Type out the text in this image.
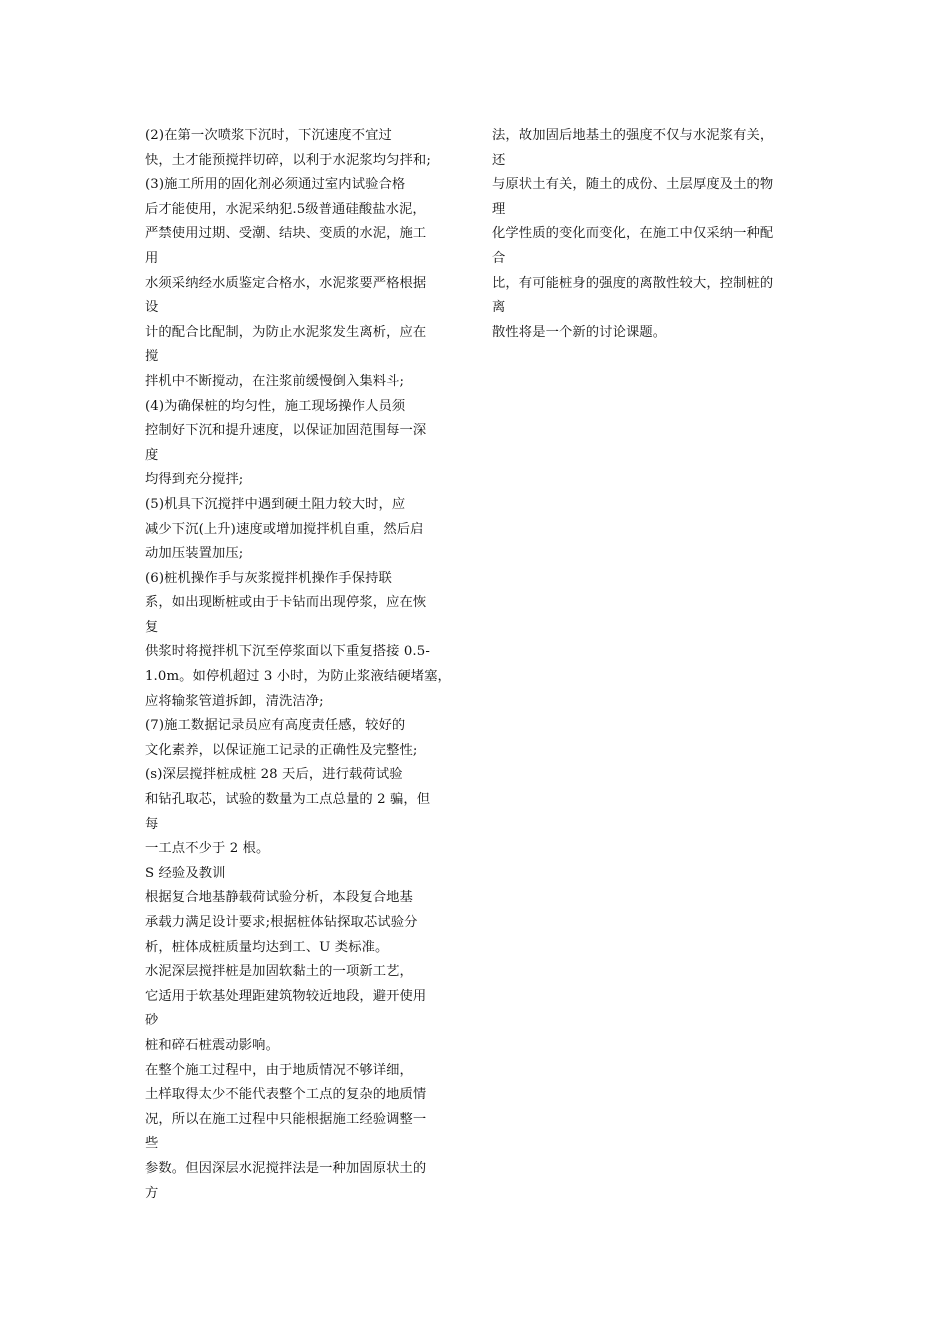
(2)在第一次喷浆下沉时，下沉速度不宜过
快，土才能预搅拌切碎，以利于水泥浆均匀拌和;
(3)施工所用的固化剂必须通过室内试验合格
后才能使用，水泥采纳犯.5级普通硅酸盐水泥，
严禁使用过期、受潮、结块、变质的水泥，施工
用
水须采纳经水质鉴定合格水，水泥浆要严格根据
设
计的配合比配制，为防止水泥浆发生离析，应在
搅
拌机中不断搅动，在注浆前缓慢倒入集料斗;
(4)为确保桩的均匀性，施工现场操作人员须
控制好下沉和提升速度，以保证加固范围每一深
度
均得到充分搅拌;
(5)机具下沉搅拌中遇到硬土阻力较大时，应
减少下沉(上升)速度或增加搅拌机自重，然后启
动加压装置加压;
(6)桩机操作手与灰浆搅拌机操作手保持联
系，如出现断桩或由于卡钻而出现停浆，应在恢
复
供浆时将搅拌机下沉至停浆面以下重复搭接 0.5-
1.0m。如停机超过 3 小时，为防止浆液结硬堵塞，
应将输浆管道拆卸，清洗洁净;
(7)施工数据记录员应有高度责任感，较好的
文化素养，以保证施工记录的正确性及完整性;
(s)深层搅拌桩成桩 28 天后，进行载荷试验
和钻孔取芯，试验的数量为工点总量的 2 骗，但
每
一工点不少于 2 根。
S 经验及教训
根据复合地基静载荷试验分析，本段复合地基
承载力满足设计要求;根据桩体钻探取芯试验分
析，桩体成桩质量均达到工、U 类标准。
水泥深层搅拌桩是加固软黏土的一项新工艺，
它适用于软基处理距建筑物较近地段，避开使用
砂
桩和碎石桩震动影响。
在整个施工过程中，由于地质情况不够详细，
土样取得太少不能代表整个工点的复杂的地质情
况，所以在施工过程中只能根据施工经验调整一
些
参数。但因深层水泥搅拌法是一种加固原状土的
方
法，故加固后地基土的强度不仅与水泥浆有关，
还
与原状土有关，随土的成份、土层厚度及土的物
理
化学性质的变化而变化，在施工中仅采纳一种配
合
比，有可能桩身的强度的离散性较大，控制桩的
离
散性将是一个新的讨论课题。
